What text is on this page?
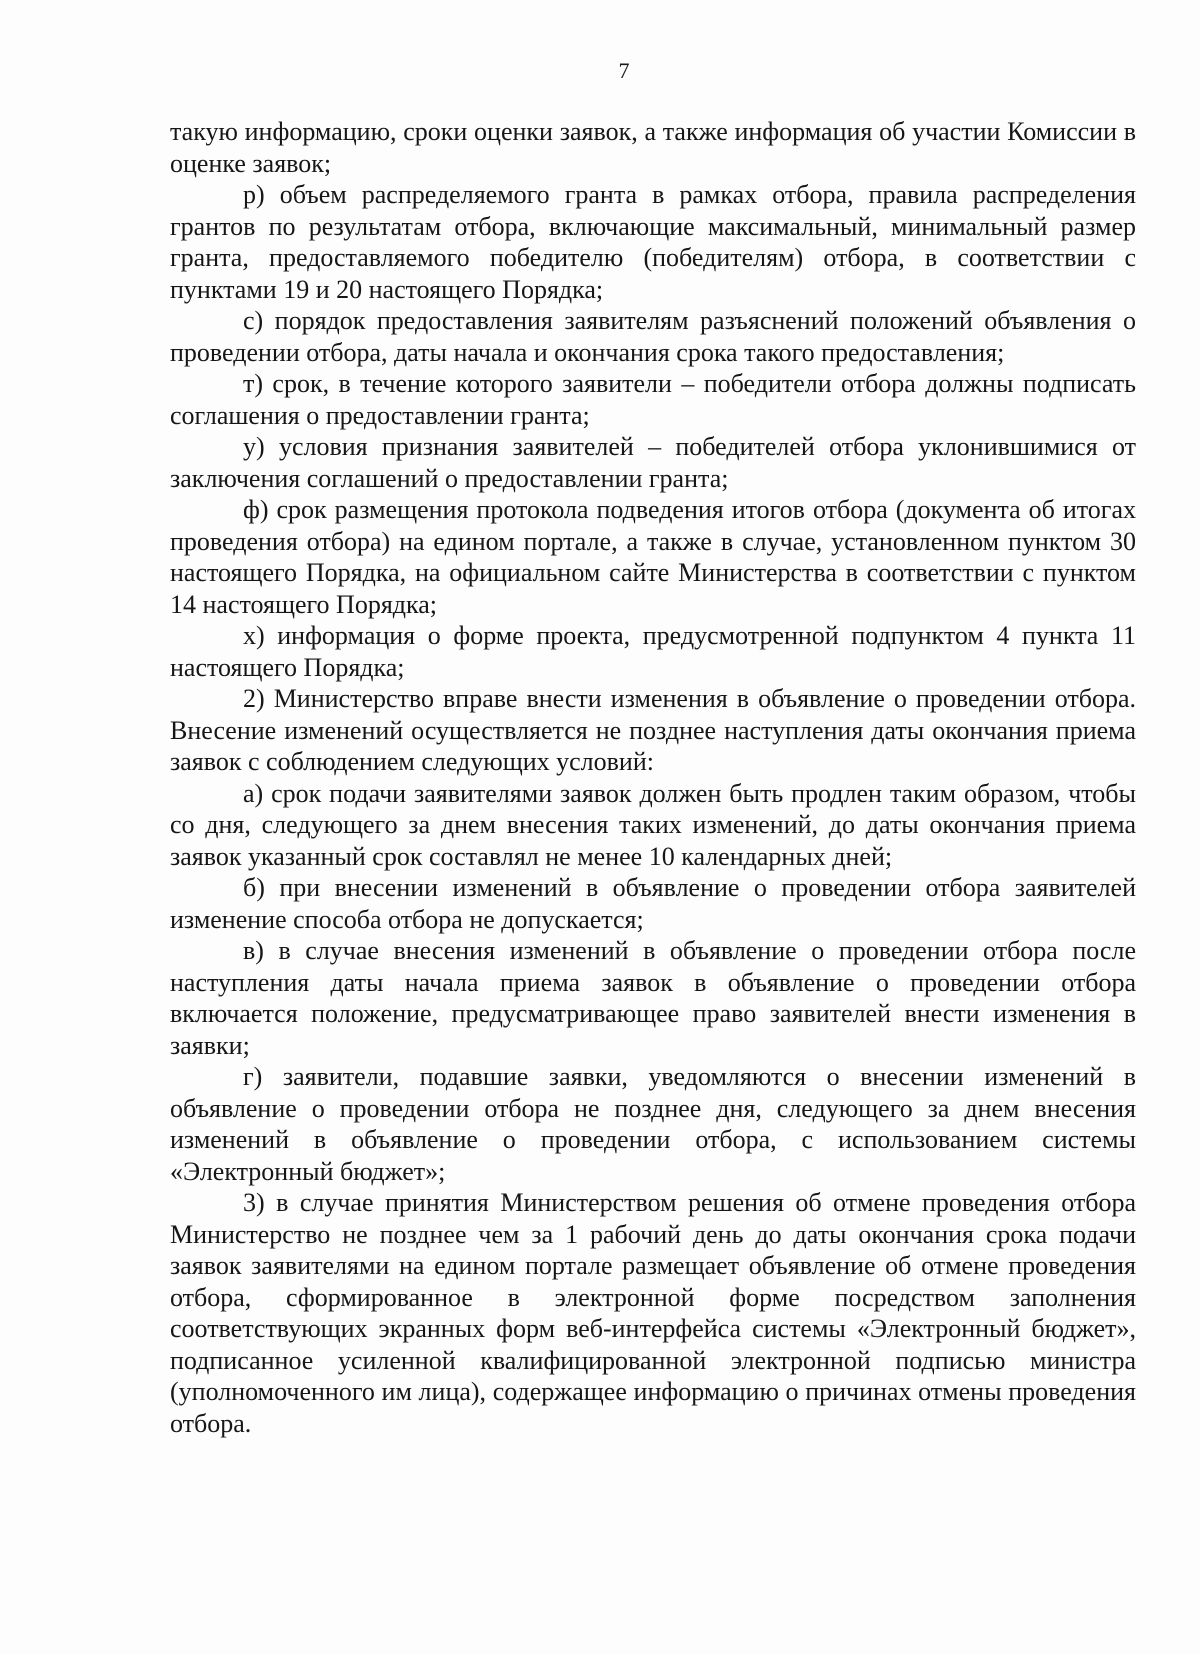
7

такую информацию, сроки оценки заявок, а также информация об участии Комиссии в оценке заявок;

р) объем распределяемого гранта в рамках отбора, правила распределения грантов по результатам отбора, включающие максимальный, минимальный размер гранта, предоставляемого победителю (победителям) отбора, в соответствии с пунктами 19 и 20 настоящего Порядка;

с) порядок предоставления заявителям разъяснений положений объявления о проведении отбора, даты начала и окончания срока такого предоставления;

т) срок, в течение которого заявители – победители отбора должны подписать соглашения о предоставлении гранта;

у) условия признания заявителей – победителей отбора уклонившимися от заключения соглашений о предоставлении гранта;

ф) срок размещения протокола подведения итогов отбора (документа об итогах проведения отбора) на едином портале, а также в случае, установленном пунктом 30 настоящего Порядка, на официальном сайте Министерства в соответствии с пунктом 14 настоящего Порядка;

х) информация о форме проекта, предусмотренной подпунктом 4 пункта 11 настоящего Порядка;

2) Министерство вправе внести изменения в объявление о проведении отбора. Внесение изменений осуществляется не позднее наступления даты окончания приема заявок с соблюдением следующих условий:

а) срок подачи заявителями заявок должен быть продлен таким образом, чтобы со дня, следующего за днем внесения таких изменений, до даты окончания приема заявок указанный срок составлял не менее 10 календарных дней;

б) при внесении изменений в объявление о проведении отбора заявителей изменение способа отбора не допускается;

в) в случае внесения изменений в объявление о проведении отбора после наступления даты начала приема заявок в объявление о проведении отбора включается положение, предусматривающее право заявителей внести изменения в заявки;

г) заявители, подавшие заявки, уведомляются о внесении изменений в объявление о проведении отбора не позднее дня, следующего за днем внесения изменений в объявление о проведении отбора, с использованием системы «Электронный бюджет»;

3) в случае принятия Министерством решения об отмене проведения отбора Министерство не позднее чем за 1 рабочий день до даты окончания срока подачи заявок заявителями на едином портале размещает объявление об отмене проведения отбора, сформированное в электронной форме посредством заполнения соответствующих экранных форм веб-интерфейса системы «Электронный бюджет», подписанное усиленной квалифицированной электронной подписью министра (уполномоченного им лица), содержащее информацию о причинах отмены проведения отбора.
